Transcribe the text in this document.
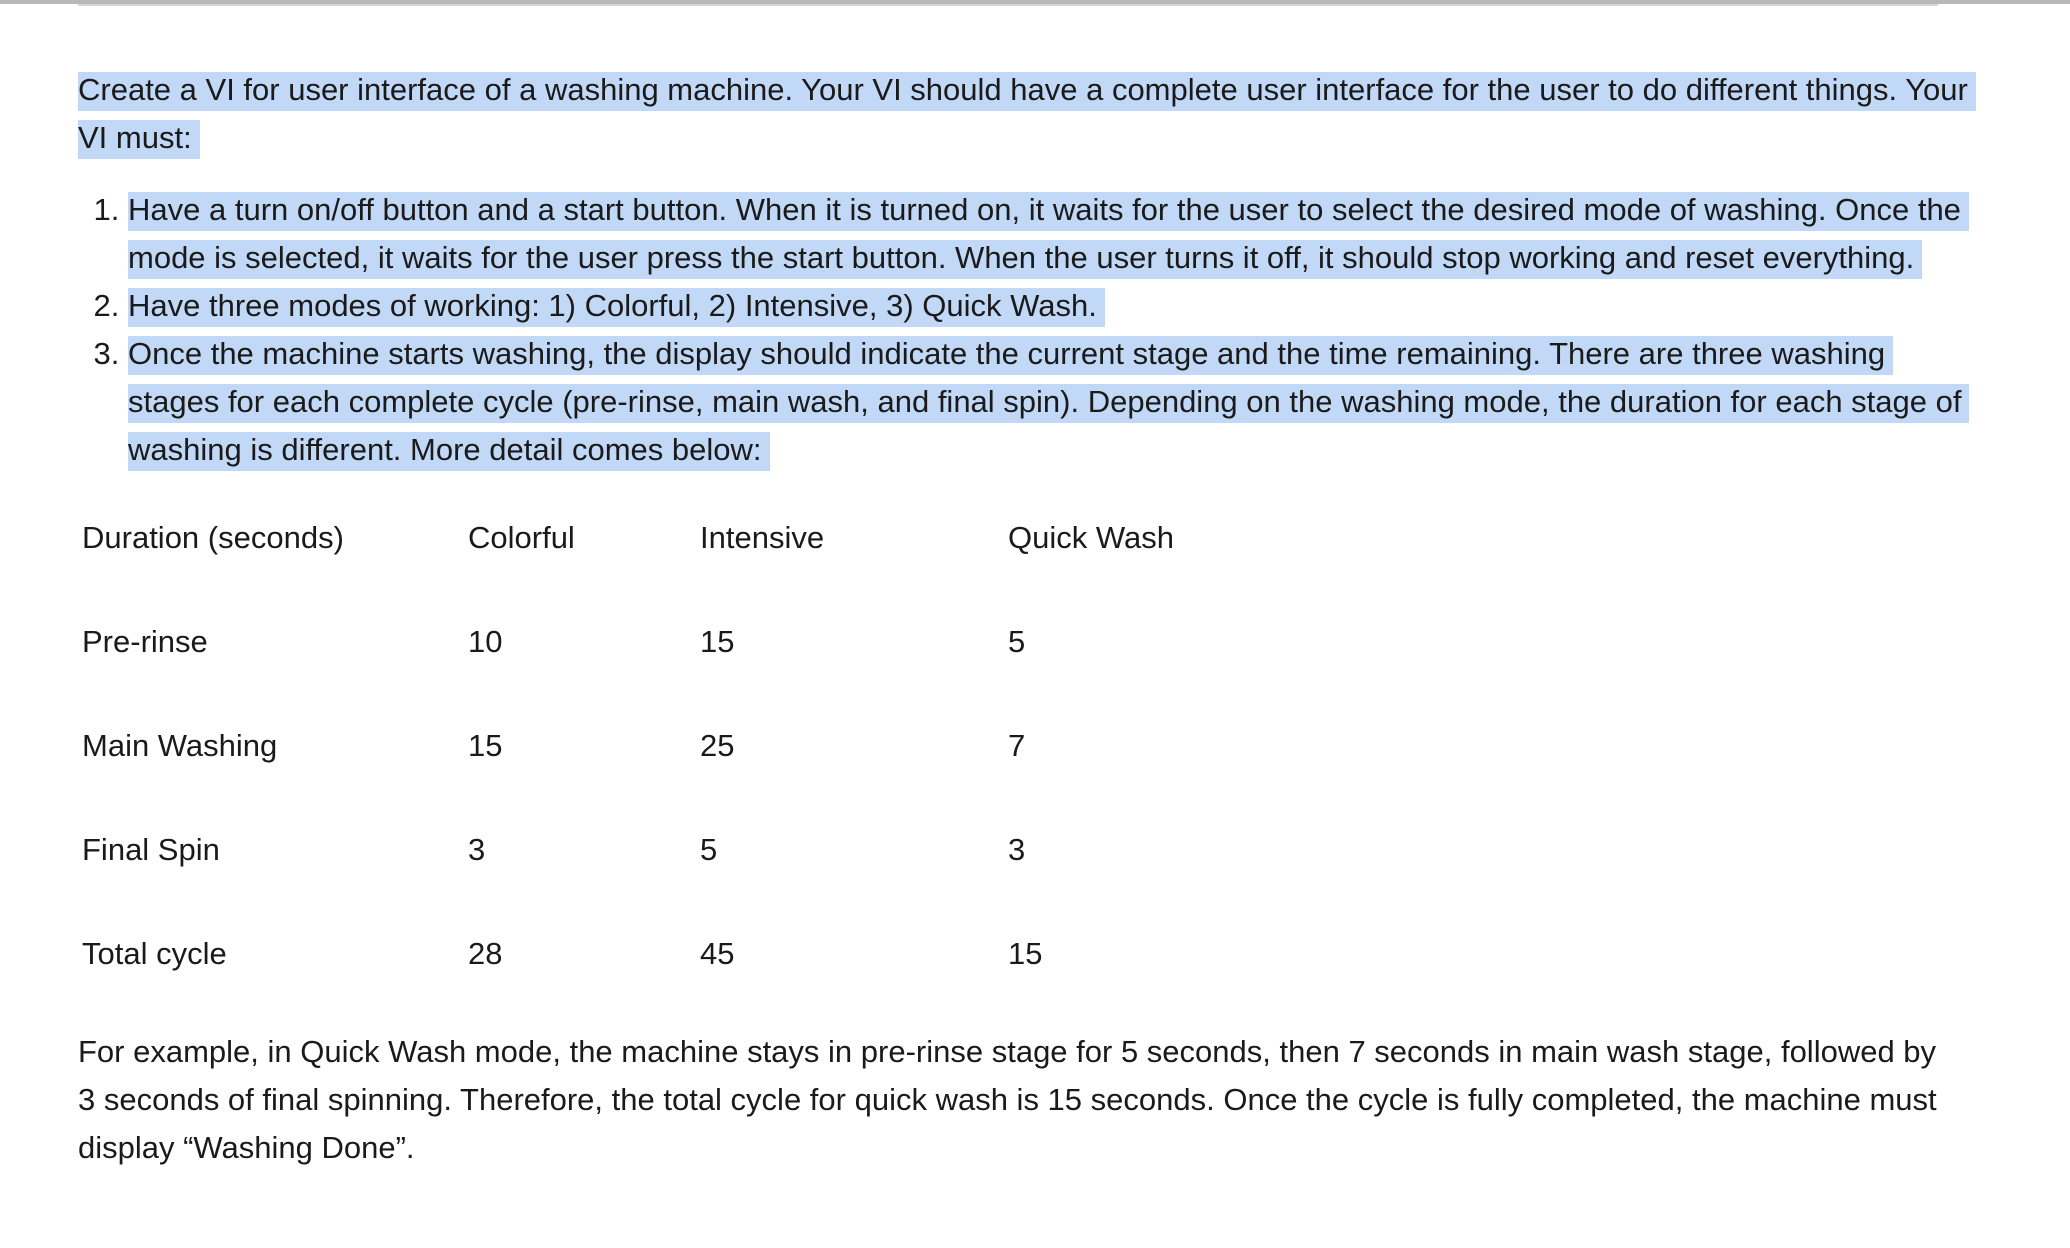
Create a VI for user interface of a washing machine. Your VI should have a complete user interface for the user to do different things. Your VI must:

1. Have a turn on/off button and a start button. When it is turned on, it waits for the user to select the desired mode of washing. Once the mode is selected, it waits for the user press the start button. When the user turns it off, it should stop working and reset everything.
2. Have three modes of working: 1) Colorful, 2) Intensive, 3) Quick Wash.
3. Once the machine starts washing, the display should indicate the current stage and the time remaining. There are three washing stages for each complete cycle (pre-rinse, main wash, and final spin). Depending on the washing mode, the duration for each stage of washing is different. More detail comes below:
Duration (seconds)	Colorful	Intensive	Quick Wash
Pre-rinse	10	15	5
Main Washing	15	25	7
Final Spin	3	5	3
Total cycle	28	45	15

For example, in Quick Wash mode, the machine stays in pre-rinse stage for 5 seconds, then 7 seconds in main wash stage, followed by 3 seconds of final spinning. Therefore, the total cycle for quick wash is 15 seconds. Once the cycle is fully completed, the machine must display “Washing Done”.
